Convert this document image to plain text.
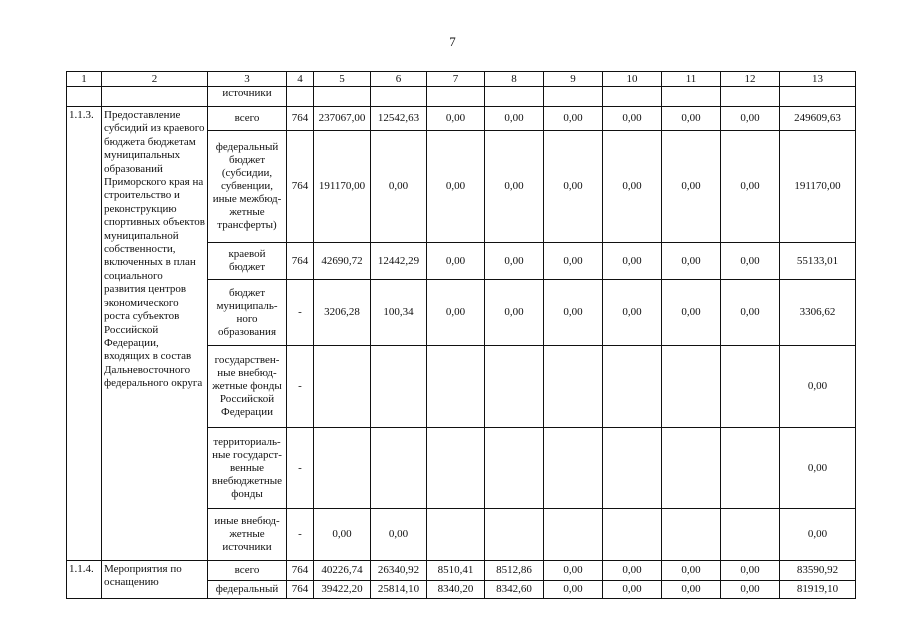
7
1	2	3	4	5	6	7	8	9	10	11	12	13
		источники										
1.1.3.	Предоставление субсидий из краевого бюджета бюджетам муниципальных образований Приморского края на строительство и реконструкцию спортивных объектов муниципальной собственности, включенных в план социального развития центров экономического роста субъектов Российской Федерации, входящих в состав Дальневосточного федерального округа	всего	764	237067,00	12542,63	0,00	0,00	0,00	0,00	0,00	0,00	249609,63
		федеральный бюджет (субсидии, субвенции, иные межбюд-жетные трансферты)	764	191170,00	0,00	0,00	0,00	0,00	0,00	0,00	0,00	191170,00
		краевой бюджет	764	42690,72	12442,29	0,00	0,00	0,00	0,00	0,00	0,00	55133,01
		бюджет муниципаль-ного образования	-	3206,28	100,34	0,00	0,00	0,00	0,00	0,00	0,00	3306,62
		государствен-ные внебюд-жетные фонды Российской Федерации	-									0,00
		территориаль-ные государст-венные внебюджетные фонды	-									0,00
		иные внебюд-жетные источники	-	0,00	0,00							0,00
1.1.4.	Мероприятия по оснащению	всего	764	40226,74	26340,92	8510,41	8512,86	0,00	0,00	0,00	0,00	83590,92
		федеральный	764	39422,20	25814,10	8340,20	8342,60	0,00	0,00	0,00	0,00	81919,10
